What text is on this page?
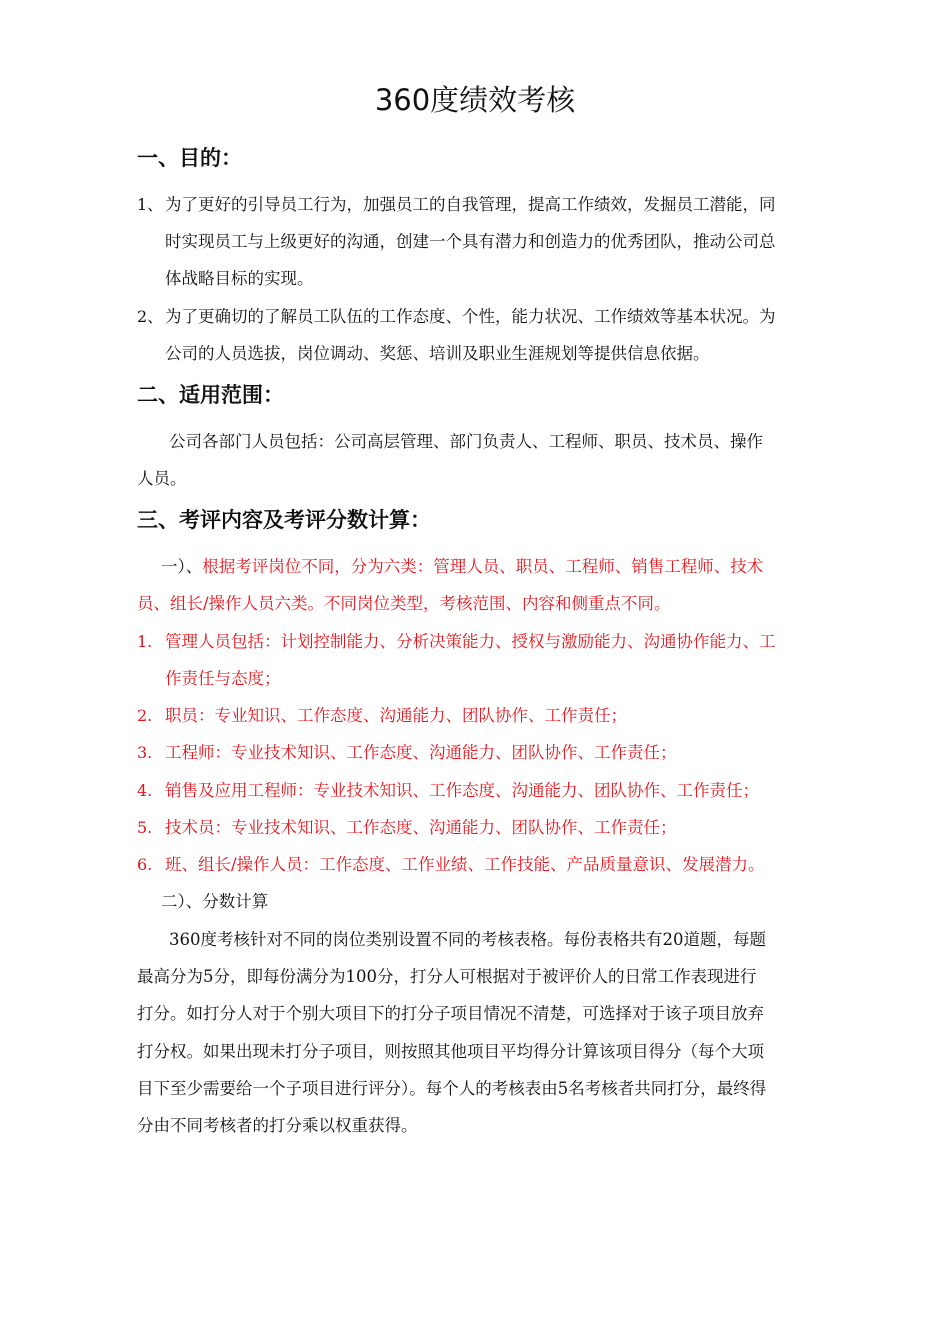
360度绩效考核
一、目的：
1、 为了更好的引导员工行为，加强员工的自我管理，提高工作绩效，发掘员工潜能，同
时实现员工与上级更好的沟通，创建一个具有潜力和创造力的优秀团队，推动公司总
体战略目标的实现。
2、 为了更确切的了解员工队伍的工作态度、个性，能力状况、工作绩效等基本状况。为
公司的人员选拔，岗位调动、奖惩、培训及职业生涯规划等提供信息依据。
二、适用范围：
公司各部门人员包括：公司高层管理、部门负责人、工程师、职员、技术员、操作
人员。
三、考评内容及考评分数计算：
一）、根据考评岗位不同，分为六类：管理人员、职员、工程师、销售工程师、技术
员、组长/操作人员六类。不同岗位类型，考核范围、内容和侧重点不同。
1. 管理人员包括：计划控制能力、分析决策能力、授权与激励能力、沟通协作能力、工
作责任与态度；
2. 职员：专业知识、工作态度、沟通能力、团队协作、工作责任；
3. 工程师：专业技术知识、工作态度、沟通能力、团队协作、工作责任；
4. 销售及应用工程师：专业技术知识、工作态度、沟通能力、团队协作、工作责任；
5. 技术员：专业技术知识、工作态度、沟通能力、团队协作、工作责任；
6. 班、组长/操作人员：工作态度、工作业绩、工作技能、产品质量意识、发展潜力。
二）、分数计算
360度考核针对不同的岗位类别设置不同的考核表格。每份表格共有20道题，每题
最高分为5分，即每份满分为100分，打分人可根据对于被评价人的日常工作表现进行
打分。如打分人对于个别大项目下的打分子项目情况不清楚，可选择对于该子项目放弃
打分权。如果出现未打分子项目，则按照其他项目平均得分计算该项目得分（每个大项
目下至少需要给一个子项目进行评分）。每个人的考核表由5名考核者共同打分，最终得
分由不同考核者的打分乘以权重获得。
